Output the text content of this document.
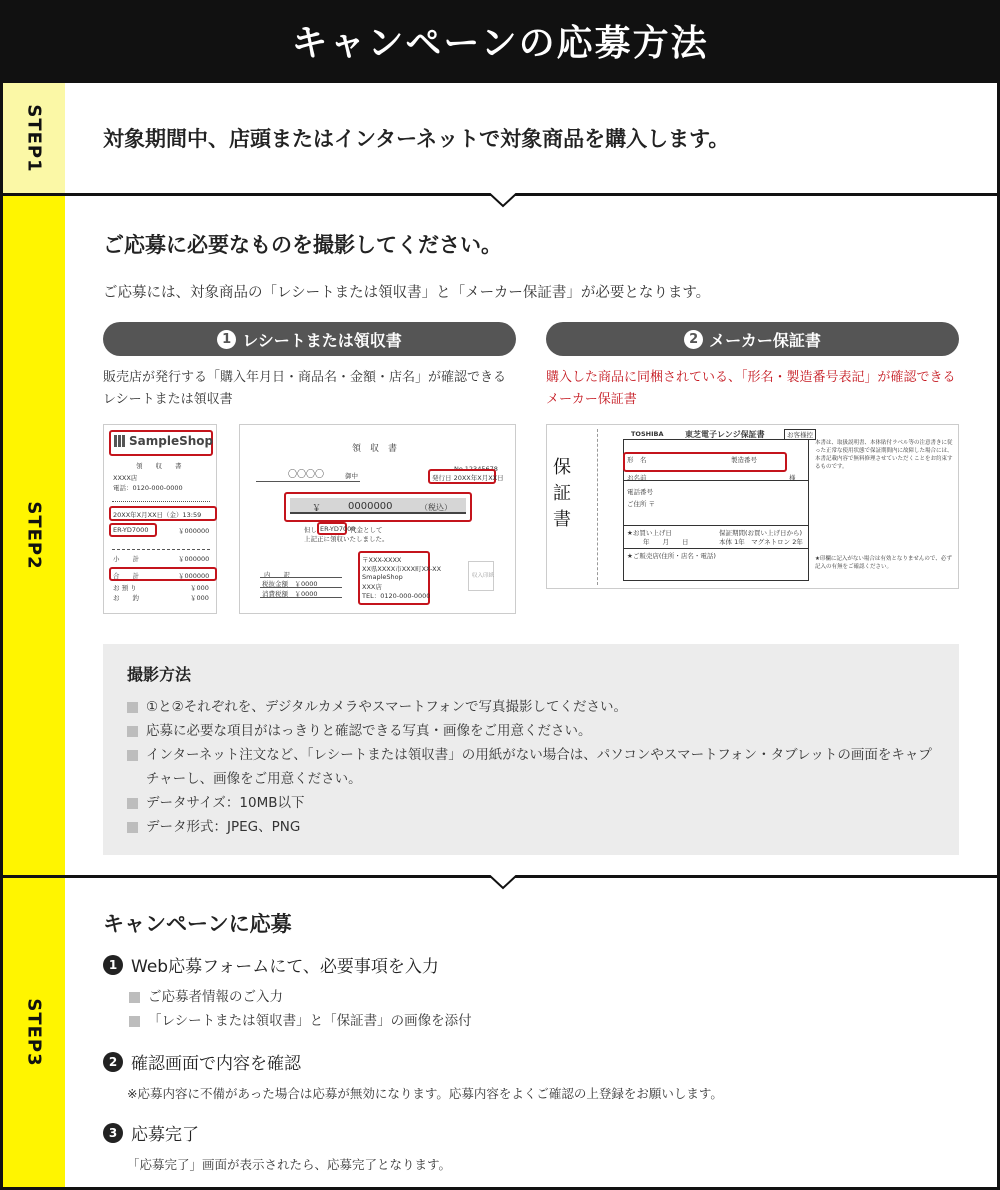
キャンペーンの応募方法
STEP1	対象期間中、店頭またはインターネットで対象商品を購入します。

STEP2
ご応募に必要なものを撮影してください。

ご応募には、対象商品の「レシートまたは領収書」と「メーカー保証書」が必要となります。

1 レシートまたは領収書

販売店が発行する「購入年月日・商品名・金額・店名」が確認できるレシートまたは領収書

SampleShop
領　　収　　書
XXXX店
電話：0120-000-0000
20XX年X月XX日（金）13:59
ER-YD7000	￥000000
小　　計	￥000000
合　　計	￥000000
お 預 り	￥000
お　　釣	￥000
領　収　書
No.12345678
発行日 20XX年X月XX日
〇〇〇〇	御中
￥	0000000	（税込）
但し ER-YD7000
代金として
上記正に領収いたしました。
内　　訳
税抜金額　￥0000
消費税額　￥0000
〒XXX-XXXX
XX県XXXX市XXX町XX-XX
SmapleShop
XXX店
TEL：0120-000-0000
収入印紙
2 メーカー保証書

購入した商品に同梱されている、「形名・製造番号表記」が確認できるメーカー保証書

保　証　書
TOSHIBA	東芝電子レンジ保証書	お客様控
形　名	製造番号
お名前	様
電話番号
ご住所 〒
★お買い上げ日
年　　月　　日
保証期間(お買い上げ日から)
本体 1年　マグネトロン 2年
★ご販売店(住所・店名・電話)
本書は、取扱説明書、本体貼付ラベル等の注意書きに従った正常な使用状態で保証期間内に故障した場合には、本書記載内容で無料修理させていただくことをお約束するものです。
★印欄に記入がない場合は有効となりませんので、必ず記入の有無をご確認ください。
撮影方法
①と②それぞれを、デジタルカメラやスマートフォンで写真撮影してください。
応募に必要な項目がはっきりと確認できる写真・画像をご用意ください。
インターネット注文など、「レシートまたは領収書」の用紙がない場合は、パソコンやスマートフォン・タブレットの画面をキャプチャーし、画像をご用意ください。
データサイズ：10MB以下
データ形式：JPEG、PNG
STEP3
キャンペーンに応募
1 Web応募フォームにて、必要事項を入力
ご応募者情報のご入力
「レシートまたは領収書」と「保証書」の画像を添付
2 確認画面で内容を確認

※応募内容に不備があった場合は応募が無効になります。応募内容をよくご確認の上登録をお願いします。

3 応募完了

「応募完了」画面が表示されたら、応募完了となります。
